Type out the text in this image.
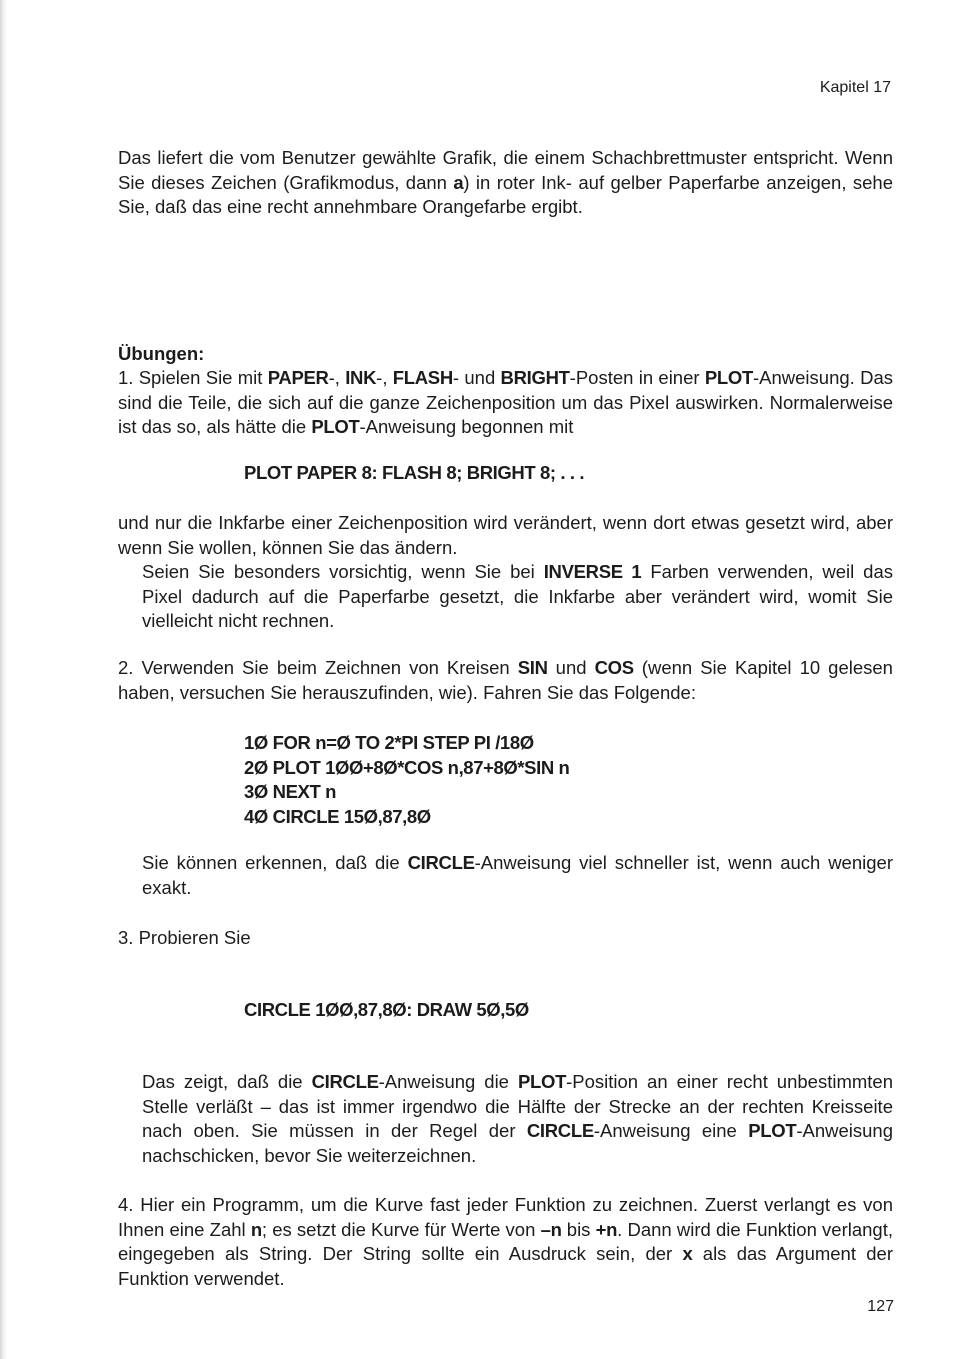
Kapitel 17

Das liefert die vom Benutzer gewählte Grafik, die einem Schachbrettmuster entspricht. Wenn Sie dieses Zeichen (Grafikmodus, dann a) in roter Ink- auf gelber Paperfarbe anzeigen, sehe Sie, daß das eine recht annehmbare Orangefarbe ergibt.

Übungen:

1. Spielen Sie mit PAPER-, INK-, FLASH- und BRIGHT-Posten in einer PLOT-Anweisung. Das sind die Teile, die sich auf die ganze Zeichenposition um das Pixel auswirken. Normalerweise ist das so, als hätte die PLOT-Anweisung begonnen mit

PLOT PAPER 8: FLASH 8; BRIGHT 8; . . .

und nur die Inkfarbe einer Zeichenposition wird verändert, wenn dort etwas gesetzt wird, aber wenn Sie wollen, können Sie das ändern.

Seien Sie besonders vorsichtig, wenn Sie bei INVERSE 1 Farben verwenden, weil das Pixel dadurch auf die Paperfarbe gesetzt, die Inkfarbe aber verändert wird, womit Sie vielleicht nicht rechnen.

2. Verwenden Sie beim Zeichnen von Kreisen SIN und COS (wenn Sie Kapitel 10 gelesen haben, versuchen Sie herauszufinden, wie). Fahren Sie das Folgende:

1Ø FOR n=Ø TO 2*PI STEP PI /18Ø
2Ø PLOT 1ØØ+8Ø*COS n,87+8Ø*SIN n
3Ø NEXT n
4Ø CIRCLE 15Ø,87,8Ø

Sie können erkennen, daß die CIRCLE-Anweisung viel schneller ist, wenn auch weniger exakt.

3. Probieren Sie

CIRCLE 1ØØ,87,8Ø: DRAW 5Ø,5Ø

Das zeigt, daß die CIRCLE-Anweisung die PLOT-Position an einer recht unbestimmten Stelle verläßt – das ist immer irgendwo die Hälfte der Strecke an der rechten Kreisseite nach oben. Sie müssen in der Regel der CIRCLE-Anweisung eine PLOT-Anweisung nachschicken, bevor Sie weiterzeichnen.

4. Hier ein Programm, um die Kurve fast jeder Funktion zu zeichnen. Zuerst verlangt es von Ihnen eine Zahl n; es setzt die Kurve für Werte von –n bis +n. Dann wird die Funktion verlangt, eingegeben als String. Der String sollte ein Ausdruck sein, der x als das Argument der Funktion verwendet.

127
